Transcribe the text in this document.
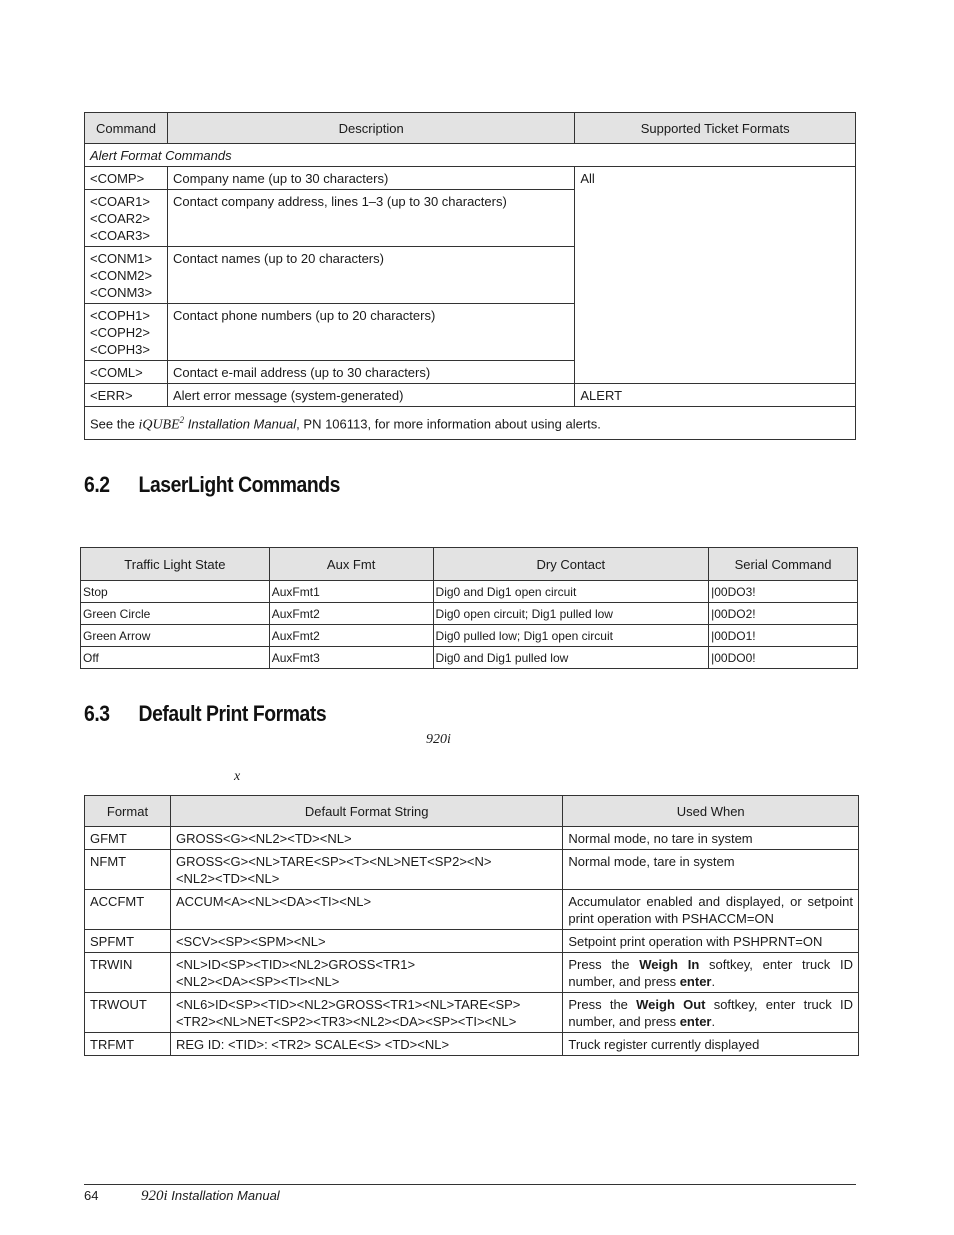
Command	Description	Supported Ticket Formats
Alert Format Commands		

<COMP>	Company name (up to 30 characters)	All

<COAR1>
<COAR2>
<COAR3>	Contact company address, lines 1–3 (up to 30 characters)	

<CONM1>
<CONM2>
<CONM3>	Contact names (up to 20 characters)	

<COPH1>
<COPH2>
<COPH3>	Contact phone numbers (up to 20 characters)	

<COML>	Contact e-mail address (up to 30 characters)	

<ERR>	Alert error message (system-generated)	ALERT
See the iQUBE$^2$ Installation Manual, PN 106113, for more information about using alerts.		
6.2 LaserLight Commands
Traffic Light State	Aux Fmt	Dry Contact	Serial Command
Stop	AuxFmt1	Dig0 and Dig1 open circuit	|00DO3!
Green Circle	AuxFmt2	Dig0 open circuit; Dig1 pulled low	|00DO2!
Green Arrow	AuxFmt2	Dig0 pulled low; Dig1 open circuit	|00DO1!
Off	AuxFmt3	Dig0 and Dig1 pulled low	|00DO0!
6.3 Default Print Formats
920i
x
Format	Default Format String	Used When
GFMT	GROSS<G><NL2><TD><NL>	Normal mode, no tare in system
NFMT	GROSS<G><NL>TARE<SP><T><NL>NET<SP2><N>
<NL2><TD><NL>	Normal mode, tare in system
ACCFMT	ACCUM<A><NL><DA><TI><NL>	Accumulator enabled and displayed, or setpoint print operation with PSHACCM=ON
SPFMT	<SCV><SP><SPM><NL>	Setpoint print operation with PSHPRNT=ON
TRWIN	<NL>ID<SP><TID><NL2>GROSS<TR1>
<NL2><DA><SP><TI><NL>	Press the Weigh In softkey, enter truck ID number, and press enter.
TRWOUT	<NL6>ID<SP><TID><NL2>GROSS<TR1><NL>TARE<SP>
<TR2><NL>NET<SP2><TR3><NL2><DA><SP><TI><NL>	Press the Weigh Out softkey, enter truck ID number, and press enter.
TRFMT	REG ID: <TID>: <TR2> SCALE<S> <TD><NL>	Truck register currently displayed
64	920i Installation Manual
